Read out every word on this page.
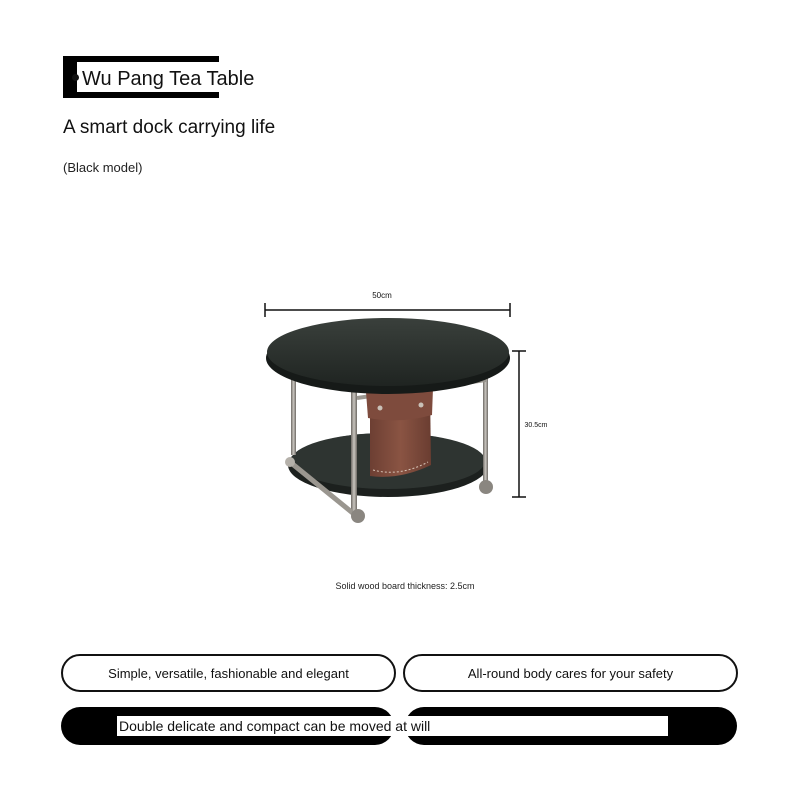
Wu Pang Tea Table
A smart dock carrying life
(Black model)
50cm
30.5cm
Solid wood board thickness: 2.5cm
Simple, versatile, fashionable and elegant	All-round body cares for your safety
Double delicate and compact can be moved at will
